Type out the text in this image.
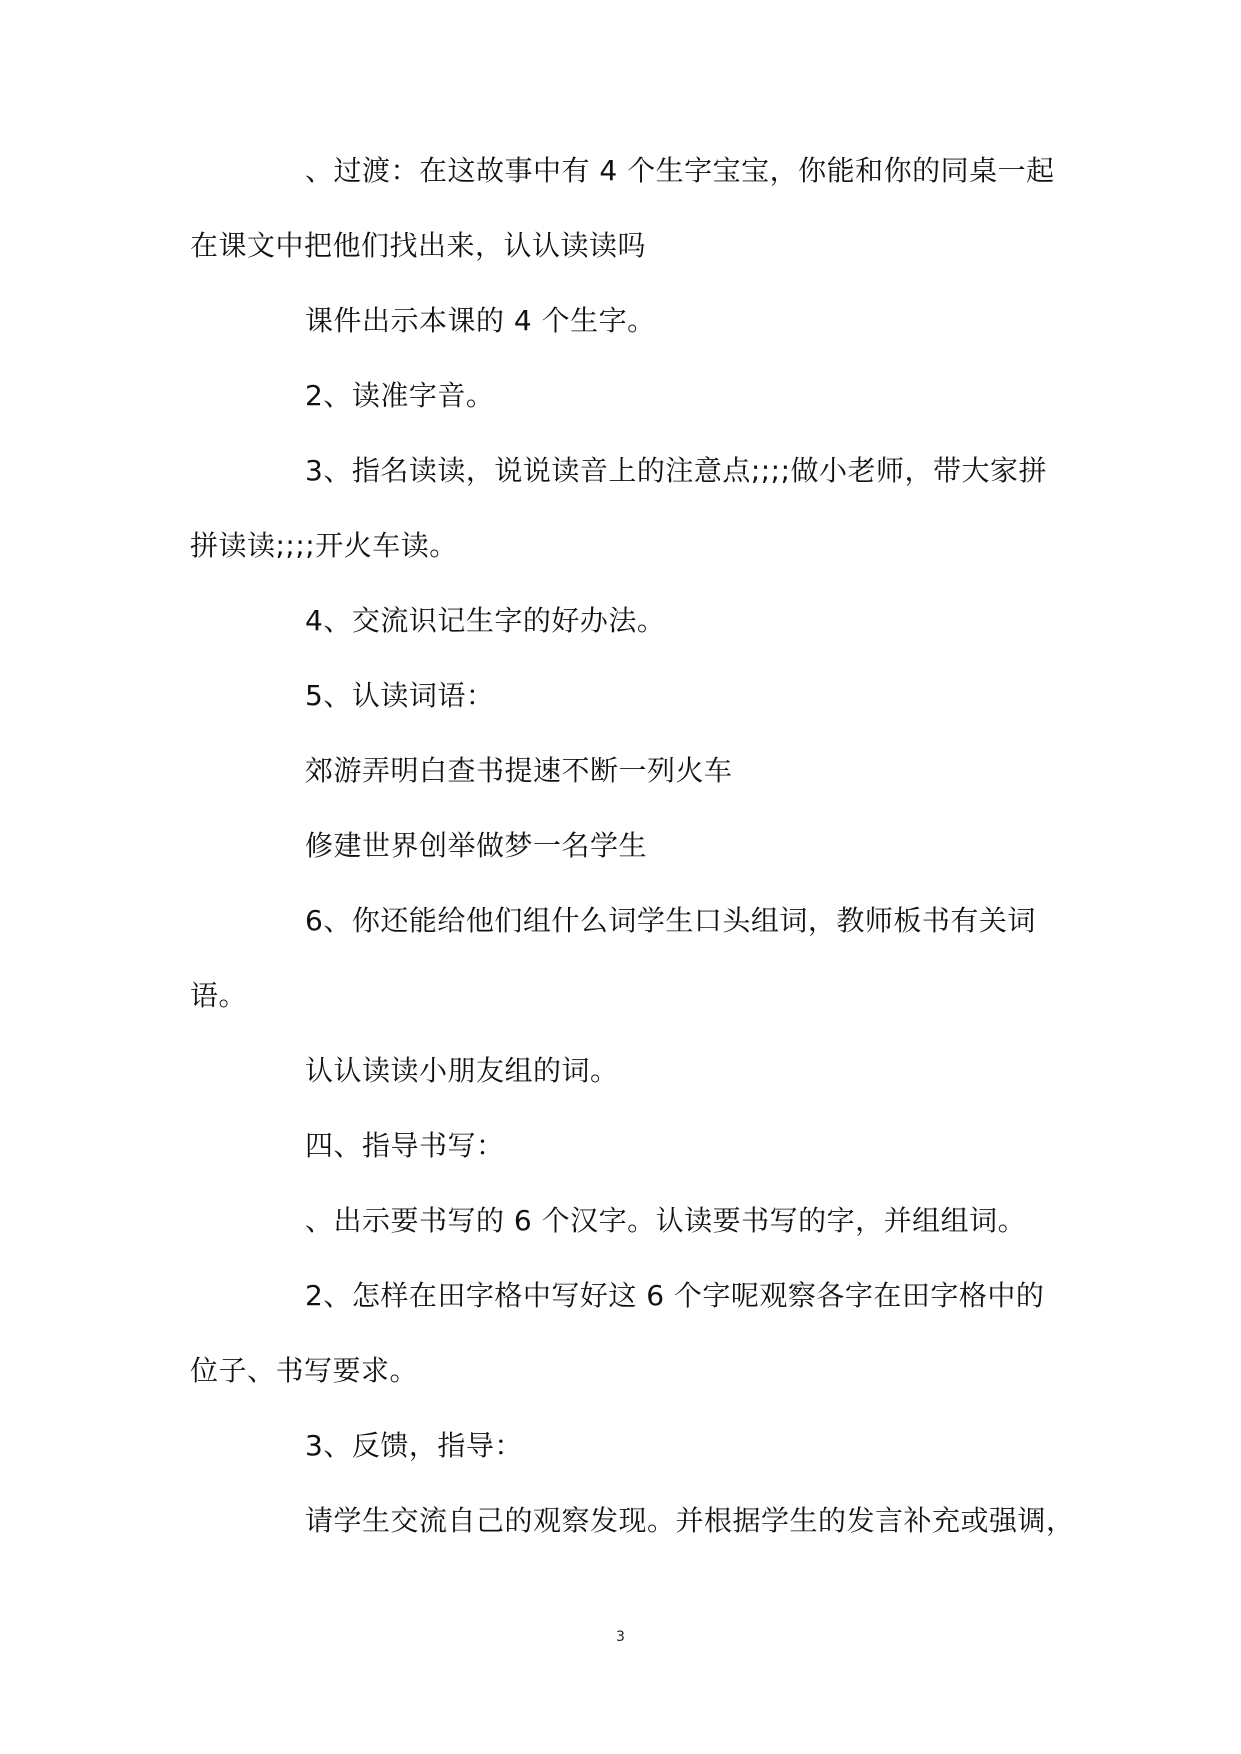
、过渡：在这故事中有 4 个生字宝宝，你能和你的同桌一起
在课文中把他们找出来，认认读读吗
课件出示本课的 4 个生字。
2、读准字音。
3、指名读读，说说读音上的注意点;;;;做小老师，带大家拼
拼读读;;;;开火车读。
4、交流识记生字的好办法。
5、认读词语：
郊游弄明白查书提速不断一列火车
修建世界创举做梦一名学生
6、你还能给他们组什么词学生口头组词，教师板书有关词
语。
认认读读小朋友组的词。
四、指导书写：
、出示要书写的 6 个汉字。认读要书写的字，并组组词。
2、怎样在田字格中写好这 6 个字呢观察各字在田字格中的
位子、书写要求。
3、反馈，指导：
请学生交流自己的观察发现。并根据学生的发言补充或强调，
3
